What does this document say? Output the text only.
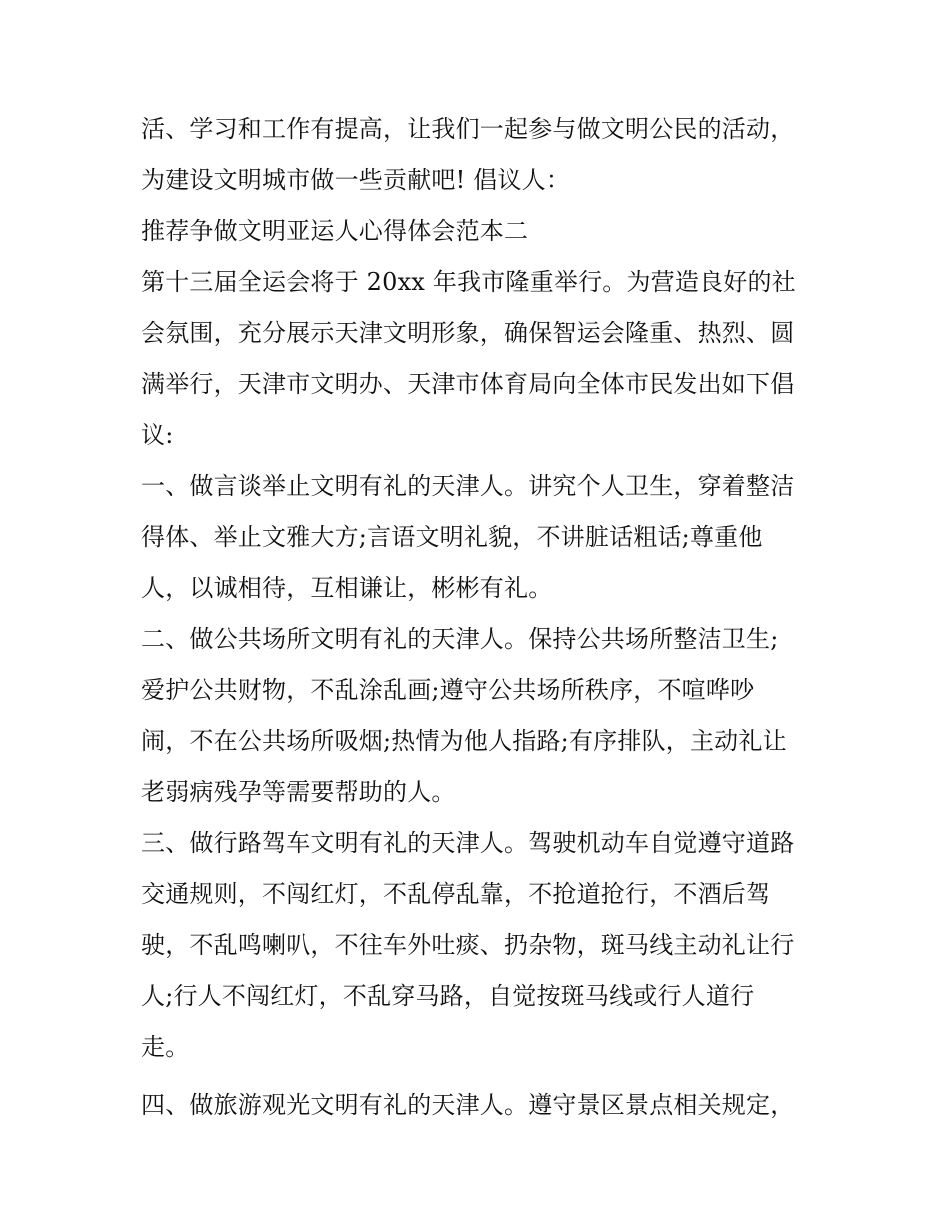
活、学习和工作有提高，让我们一起参与做文明公民的活动，
为建设文明城市做一些贡献吧! 倡议人：
推荐争做文明亚运人心得体会范本二
第十三届全运会将于 20xx 年我市隆重举行。为营造良好的社
会氛围，充分展示天津文明形象，确保智运会隆重、热烈、圆
满举行，天津市文明办、天津市体育局向全体市民发出如下倡
议:
一、做言谈举止文明有礼的天津人。讲究个人卫生，穿着整洁
得体、举止文雅大方;言语文明礼貌，不讲脏话粗话;尊重他
人，以诚相待，互相谦让，彬彬有礼。
二、做公共场所文明有礼的天津人。保持公共场所整洁卫生;
爱护公共财物，不乱涂乱画;遵守公共场所秩序，不喧哗吵
闹，不在公共场所吸烟;热情为他人指路;有序排队，主动礼让
老弱病残孕等需要帮助的人。
三、做行路驾车文明有礼的天津人。驾驶机动车自觉遵守道路
交通规则，不闯红灯，不乱停乱靠，不抢道抢行，不酒后驾
驶，不乱鸣喇叭，不往车外吐痰、扔杂物，斑马线主动礼让行
人;行人不闯红灯，不乱穿马路，自觉按斑马线或行人道行
走。
四、做旅游观光文明有礼的天津人。遵守景区景点相关规定，
